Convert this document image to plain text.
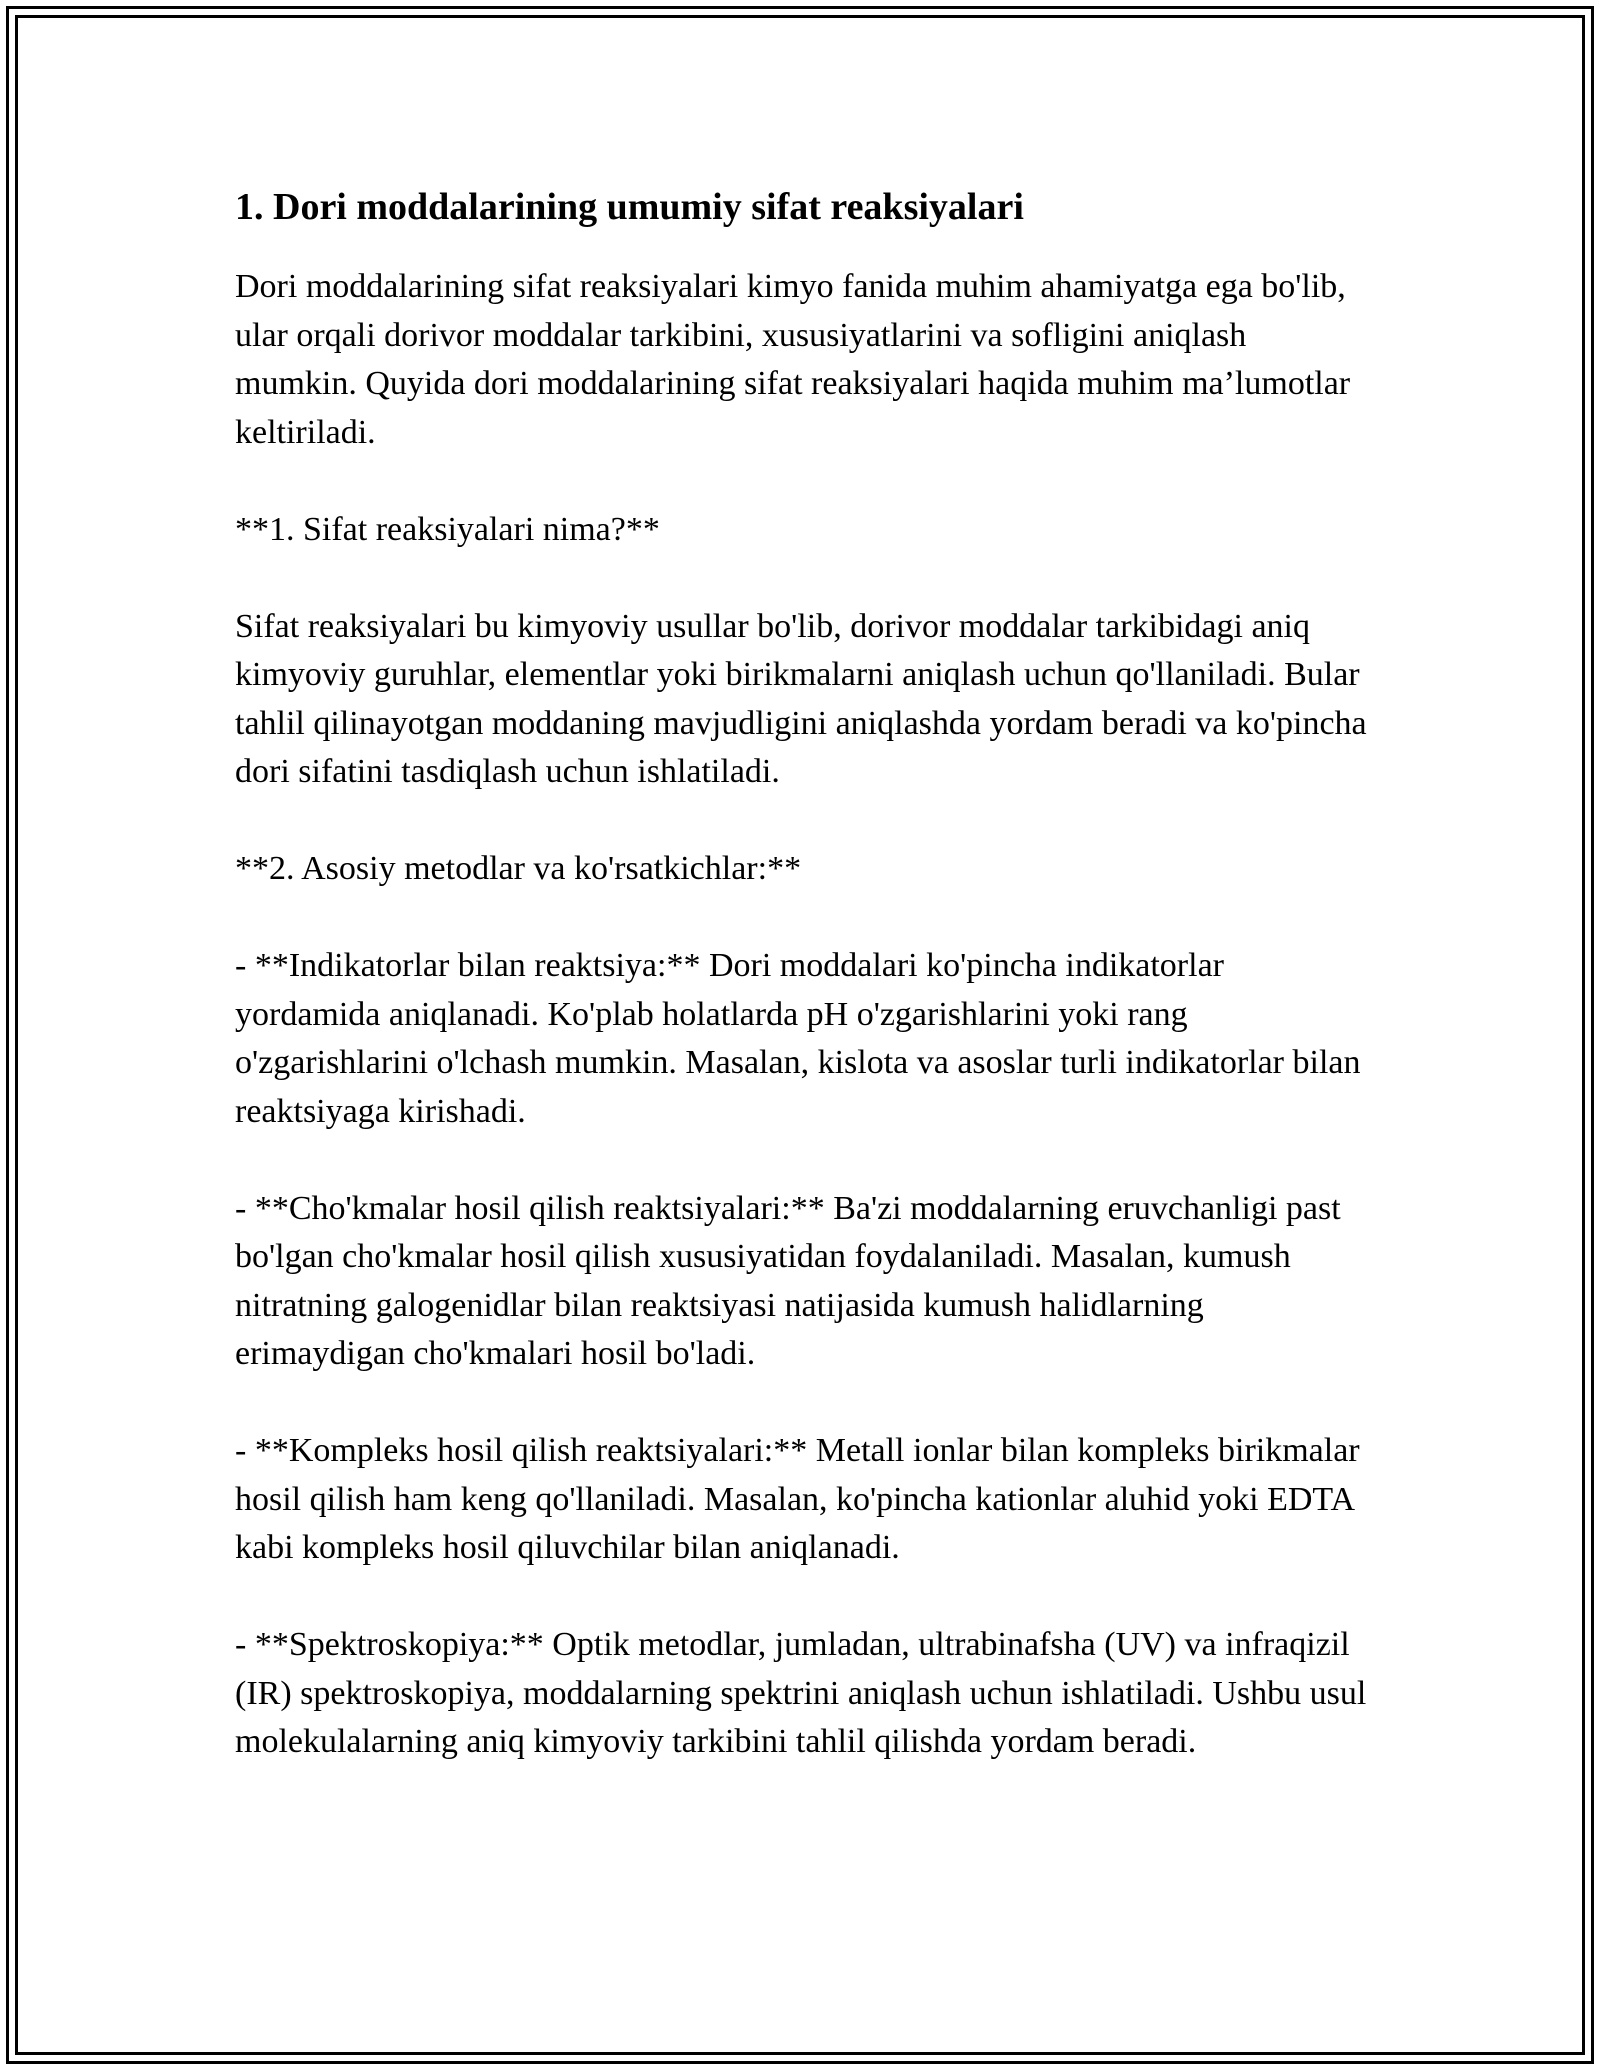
1. Dori moddalarining umumiy sifat reaksiyalari

Dori moddalarining sifat reaksiyalari kimyo fanida muhim ahamiyatga ega bo'lib, ular orqali dorivor moddalar tarkibini, xususiyatlarini va sofligini aniqlash mumkin. Quyida dori moddalarining sifat reaksiyalari haqida muhim ma’lumotlar keltiriladi.

**1. Sifat reaksiyalari nima?**

Sifat reaksiyalari bu kimyoviy usullar bo'lib, dorivor moddalar tarkibidagi aniq kimyoviy guruhlar, elementlar yoki birikmalarni aniqlash uchun qo'llaniladi. Bular tahlil qilinayotgan moddaning mavjudligini aniqlashda yordam beradi va ko'pincha dori sifatini tasdiqlash uchun ishlatiladi.

**2. Asosiy metodlar va ko'rsatkichlar:**

- **Indikatorlar bilan reaktsiya:** Dori moddalari ko'pincha indikatorlar yordamida aniqlanadi. Ko'plab holatlarda pH o'zgarishlarini yoki rang o'zgarishlarini o'lchash mumkin. Masalan, kislota va asoslar turli indikatorlar bilan reaktsiyaga kirishadi.

- **Cho'kmalar hosil qilish reaktsiyalari:** Ba'zi moddalarning eruvchanligi past bo'lgan cho'kmalar hosil qilish xususiyatidan foydalaniladi. Masalan, kumush nitratning galogenidlar bilan reaktsiyasi natijasida kumush halidlarning erimaydigan cho'kmalari hosil bo'ladi.

- **Kompleks hosil qilish reaktsiyalari:** Metall ionlar bilan kompleks birikmalar hosil qilish ham keng qo'llaniladi. Masalan, ko'pincha kationlar aluhid yoki EDTA kabi kompleks hosil qiluvchilar bilan aniqlanadi.

- **Spektroskopiya:** Optik metodlar, jumladan, ultrabinafsha (UV) va infraqizil (IR) spektroskopiya, moddalarning spektrini aniqlash uchun ishlatiladi. Ushbu usul molekulalarning aniq kimyoviy tarkibini tahlil qilishda yordam beradi.
